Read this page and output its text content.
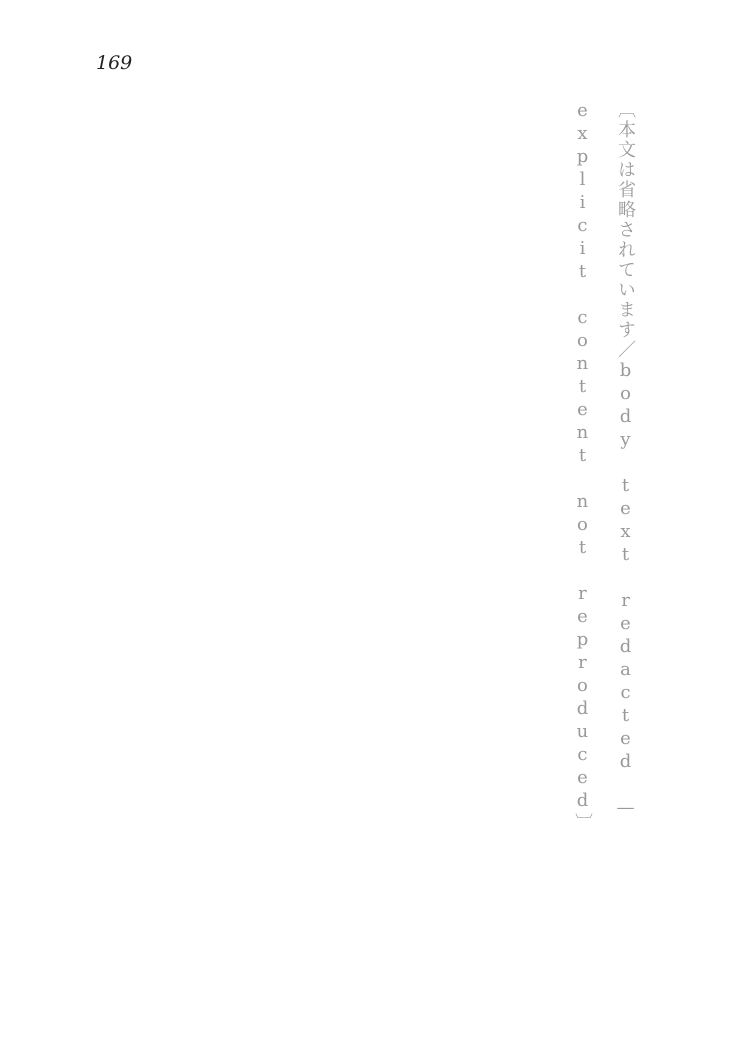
169
〔本文は省略されています／body text redacted — explicit content not reproduced〕
